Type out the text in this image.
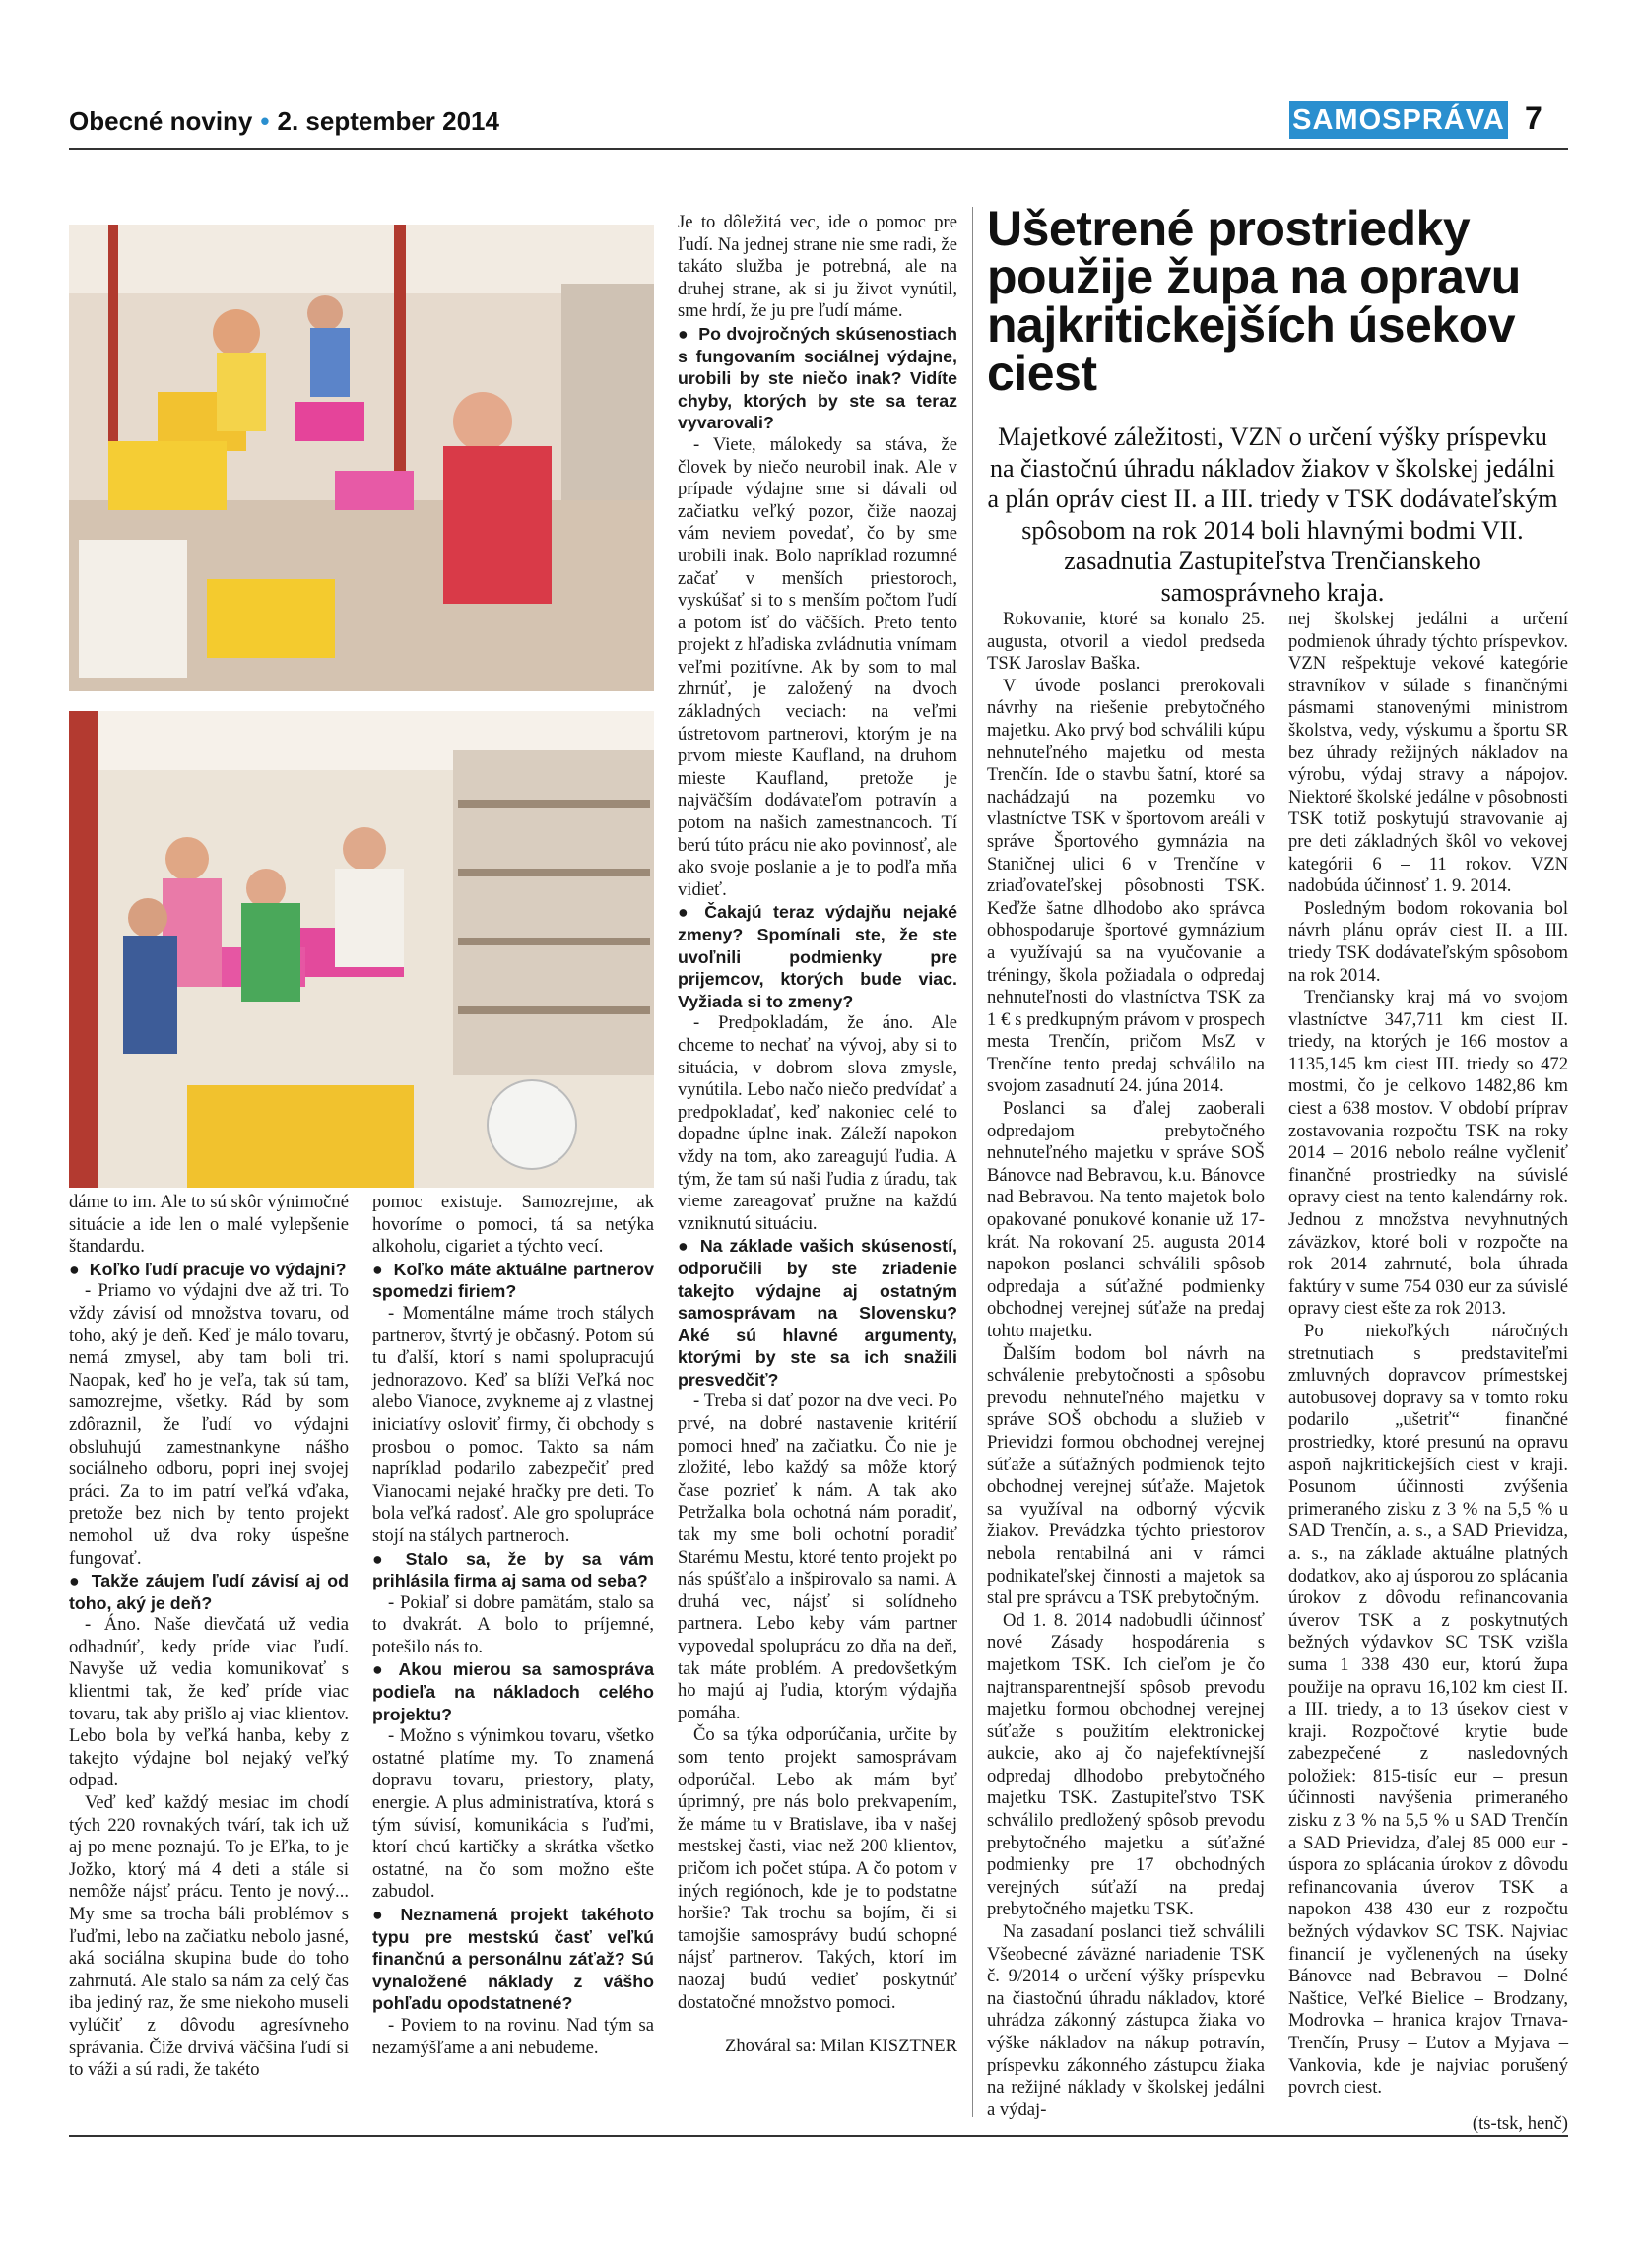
Obecné noviny • 2. september 2014	SAMOSPRÁVA 7

dáme to im. Ale to sú skôr výnimočné situácie a ide len o malé vylepšenie štandardu.

● Koľko ľudí pracuje vo výdajni?

- Priamo vo výdajni dve až tri. To vždy závisí od množstva tovaru, od toho, aký je deň. Keď je málo tovaru, nemá zmysel, aby tam boli tri. Naopak, keď ho je veľa, tak sú tam, samozrejme, všetky. Rád by som zdôraznil, že ľudí vo výdajni obsluhujú zamestnankyne nášho sociálneho odboru, popri inej svojej práci. Za to im patrí veľká vďaka, pretože bez nich by tento projekt nemohol už dva roky úspešne fungovať.

● Takže záujem ľudí závisí aj od toho, aký je deň?

- Áno. Naše dievčatá už vedia odhadnúť, kedy príde viac ľudí. Navyše už vedia komunikovať s klientmi tak, že keď príde viac tovaru, tak aby prišlo aj viac klientov. Lebo bola by veľká hanba, keby z takejto výdajne bol nejaký veľký odpad.

Veď keď každý mesiac im chodí tých 220 rovnakých tvárí, tak ich už aj po mene poznajú. To je Eľka, to je Jožko, ktorý má 4 deti a stále si nemôže nájsť prácu. Tento je nový... My sme sa trocha báli problémov s ľuďmi, lebo na začiatku nebolo jasné, aká sociálna skupina bude do toho zahrnutá. Ale stalo sa nám za celý čas iba jediný raz, že sme niekoho museli vylúčiť z dôvodu agresívneho správania. Čiže drvivá väčšina ľudí si to váži a sú radi, že takéto

pomoc existuje. Samozrejme, ak hovoríme o pomoci, tá sa netýka alkoholu, cigariet a týchto vecí.

● Koľko máte aktuálne partnerov spomedzi firiem?

- Momentálne máme troch stálych partnerov, štvrtý je občasný. Potom sú tu ďalší, ktorí s nami spolupracujú jednorazovo. Keď sa blíži Veľká noc alebo Vianoce, zvykneme aj z vlastnej iniciatívy osloviť firmy, či obchody s prosbou o pomoc. Takto sa nám napríklad podarilo zabezpečiť pred Vianocami nejaké hračky pre deti. To bola veľká radosť. Ale gro spolupráce stojí na stálych partneroch.

● Stalo sa, že by sa vám prihlásila firma aj sama od seba?

- Pokiaľ si dobre pamätám, stalo sa to dvakrát. A bolo to príjemné, potešilo nás to.

● Akou mierou sa samospráva podieľa na nákladoch celého projektu?

- Možno s výnimkou tovaru, všetko ostatné platíme my. To znamená dopravu tovaru, priestory, platy, energie. A plus administratíva, ktorá s tým súvisí, komunikácia s ľuďmi, ktorí chcú kartičky a skrátka všetko ostatné, na čo som možno ešte zabudol.

● Neznamená projekt takéhoto typu pre mestskú časť veľkú finančnú a personálnu záťaž? Sú vynaložené náklady z vášho pohľadu opodstatnené?

- Poviem to na rovinu. Nad tým sa nezamýšľame a ani nebudeme.

Je to dôležitá vec, ide o pomoc pre ľudí. Na jednej strane nie sme radi, že takáto služba je potrebná, ale na druhej strane, ak si ju život vynútil, sme hrdí, že ju pre ľudí máme.

● Po dvojročných skúsenostiach s fungovaním sociálnej výdajne, urobili by ste niečo inak? Vidíte chyby, ktorých by ste sa teraz vyvarovali?

- Viete, málokedy sa stáva, že človek by niečo neurobil inak. Ale v prípade výdajne sme si dávali od začiatku veľký pozor, čiže naozaj vám neviem povedať, čo by sme urobili inak. Bolo napríklad rozumné začať v menších priestoroch, vyskúšať si to s menším počtom ľudí a potom ísť do väčších. Preto tento projekt z hľadiska zvládnutia vnímam veľmi pozitívne. Ak by som to mal zhrnúť, je založený na dvoch základných veciach: na veľmi ústretovom partnerovi, ktorým je na prvom mieste Kaufland, na druhom mieste Kaufland, pretože je najväčším dodávateľom potravín a potom na našich zamestnancoch. Tí berú túto prácu nie ako povinnosť, ale ako svoje poslanie a je to podľa mňa vidieť.

● Čakajú teraz výdajňu nejaké zmeny? Spomínali ste, že ste uvoľnili podmienky pre prijemcov, ktorých bude viac. Vyžiada si to zmeny?

- Predpokladám, že áno. Ale chceme to nechať na vývoj, aby si to situácia, v dobrom slova zmysle, vynútila. Lebo načo niečo predvídať a predpokladať, keď nakoniec celé to dopadne úplne inak. Záleží napokon vždy na tom, ako zareagujú ľudia. A tým, že tam sú naši ľudia z úradu, tak vieme zareagovať pružne na každú vzniknutú situáciu.

● Na základe vašich skúseností, odporučili by ste zriadenie takejto výdajne aj ostatným samosprávam na Slovensku? Aké sú hlavné argumenty, ktorými by ste sa ich snažili presvedčiť?

- Treba si dať pozor na dve veci. Po prvé, na dobré nastavenie kritérií pomoci hneď na začiatku. Čo nie je zložité, lebo každý sa môže ktorý čase pozrieť k nám. A tak ako Petržalka bola ochotná nám poradiť, tak my sme boli ochotní poradiť Starému Mestu, ktoré tento projekt po nás spúšťalo a inšpirovalo sa nami. A druhá vec, nájsť si solídneho partnera. Lebo keby vám partner vypovedal spoluprácu zo dňa na deň, tak máte problém. A predovšetkým ho majú aj ľudia, ktorým výdajňa pomáha.

Čo sa týka odporúčania, určite by som tento projekt samosprávam odporúčal. Lebo ak mám byť úprimný, pre nás bolo prekvapením, že máme tu v Bratislave, iba v našej mestskej časti, viac než 200 klientov, pričom ich počet stúpa. A čo potom v iných regiónoch, kde je to podstatne horšie? Tak trochu sa bojím, či si tamojšie samosprávy budú schopné nájsť partnerov. Takých, ktorí im naozaj budú vedieť poskytnúť dostatočné množstvo pomoci.

Zhováral sa: Milan KISZTNER

Ušetrené prostriedky použije župa na opravu najkritickejších úsekov ciest
Majetkové záležitosti, VZN o určení výšky príspevku na čiastočnú úhradu nákladov žiakov v školskej jedálni a plán opráv ciest II. a III. triedy v TSK dodávateľským spôsobom na rok 2014 boli hlavnými bodmi VII. zasadnutia Zastupiteľstva Trenčianskeho samosprávneho kraja.

Rokovanie, ktoré sa konalo 25. augusta, otvoril a viedol predseda TSK Jaroslav Baška.

V úvode poslanci prerokovali návrhy na riešenie prebytočného majetku. Ako prvý bod schválili kúpu nehnuteľného majetku od mesta Trenčín. Ide o stavbu šatní, ktoré sa nachádzajú na pozemku vo vlastníctve TSK v športovom areáli v správe Športového gymnázia na Staničnej ulici 6 v Trenčíne v zriaďovateľskej pôsobnosti TSK. Keďže šatne dlhodobo ako správca obhospodaruje športové gymnázium a využívajú sa na vyučovanie a tréningy, škola požiadala o odpredaj nehnuteľnosti do vlastníctva TSK za 1 € s predkupným právom v prospech mesta Trenčín, pričom MsZ v Trenčíne tento predaj schválilo na svojom zasadnutí 24. júna 2014.

Poslanci sa ďalej zaoberali odpredajom prebytočného nehnuteľného majetku v správe SOŠ Bánovce nad Bebravou, k.u. Bánovce nad Bebravou. Na tento majetok bolo opakované ponukové konanie už 17-krát. Na rokovaní 25. augusta 2014 napokon poslanci schválili spôsob odpredaja a súťažné podmienky obchodnej verejnej súťaže na predaj tohto majetku.

Ďalším bodom bol návrh na schválenie prebytočnosti a spôsobu prevodu nehnuteľného majetku v správe SOŠ obchodu a služieb v Prievidzi formou obchodnej verejnej súťaže a súťažných podmienok tejto obchodnej verejnej súťaže. Majetok sa využíval na odborný výcvik žiakov. Prevádzka týchto priestorov nebola rentabilná ani v rámci podnikateľskej činnosti a majetok sa stal pre správcu a TSK prebytočným.

Od 1. 8. 2014 nadobudli účinnosť nové Zásady hospodárenia s majetkom TSK. Ich cieľom je čo najtransparentnejší spôsob prevodu majetku formou obchodnej verejnej súťaže s použitím elektronickej aukcie, ako aj čo najefektívnejší odpredaj dlhodobo prebytočného majetku TSK. Zastupiteľstvo TSK schválilo predložený spôsob prevodu prebytočného majetku a súťažné podmienky pre 17 obchodných verejných súťaží na predaj prebytočného majetku TSK.

Na zasadaní poslanci tiež schválili Všeobecné záväzné nariadenie TSK č. 9/2014 o určení výšky príspevku na čiastočnú úhradu nákladov, ktoré uhrádza zákonný zástupca žiaka vo výške nákladov na nákup potravín, príspevku zákonného zástupcu žiaka na režijné náklady v školskej jedálni a výdaj-

nej školskej jedálni a určení podmienok úhrady týchto príspevkov. VZN rešpektuje vekové kategórie stravníkov v súlade s finančnými pásmami stanovenými ministrom školstva, vedy, výskumu a športu SR bez úhrady režijných nákladov na výrobu, výdaj stravy a nápojov. Niektoré školské jedálne v pôsobnosti TSK totiž poskytujú stravovanie aj pre deti základných škôl vo vekovej kategórii 6 – 11 rokov. VZN nadobúda účinnosť 1. 9. 2014.

Posledným bodom rokovania bol návrh plánu opráv ciest II. a III. triedy TSK dodávateľským spôsobom na rok 2014.

Trenčiansky kraj má vo svojom vlastníctve 347,711 km ciest II. triedy, na ktorých je 166 mostov a 1135,145 km ciest III. triedy so 472 mostmi, čo je celkovo 1482,86 km ciest a 638 mostov. V období príprav zostavovania rozpočtu TSK na roky 2014 – 2016 nebolo reálne vyčleniť finančné prostriedky na súvislé opravy ciest na tento kalendárny rok. Jednou z množstva nevyhnutných záväzkov, ktoré boli v rozpočte na rok 2014 zahrnuté, bola úhrada faktúry v sume 754 030 eur za súvislé opravy ciest ešte za rok 2013.

Po niekoľkých náročných stretnutiach s predstaviteľmi zmluvných dopravcov prímestskej autobusovej dopravy sa v tomto roku podarilo „ušetriť“ finančné prostriedky, ktoré presunú na opravu aspoň najkritickejších ciest v kraji. Posunom účinnosti zvýšenia primeraného zisku z 3 % na 5,5 % u SAD Trenčín, a. s., a SAD Prievidza, a. s., na základe aktuálne platných dodatkov, ako aj úsporou zo splácania úrokov z dôvodu refinancovania úverov TSK a z poskytnutých bežných výdavkov SC TSK vzišla suma 1 338 430 eur, ktorú župa použije na opravu 16,102 km ciest II. a III. triedy, a to 13 úsekov ciest v kraji. Rozpočtové krytie bude zabezpečené z nasledovných položiek: 815-tisíc eur – presun účinnosti navýšenia primeraného zisku z 3 % na 5,5 % u SAD Trenčín a SAD Prievidza, ďalej 85 000 eur - úspora zo splácania úrokov z dôvodu refinancovania úverov TSK a napokon 438 430 eur z rozpočtu bežných výdavkov SC TSK. Najviac financií je vyčlenených na úseky Bánovce nad Bebravou – Dolné Naštice, Veľké Bielice – Brodzany, Modrovka – hranica krajov Trnava-Trenčín, Prusy – Ľutov a Myjava – Vankovia, kde je najviac porušený povrch ciest.

(ts-tsk, henč)
